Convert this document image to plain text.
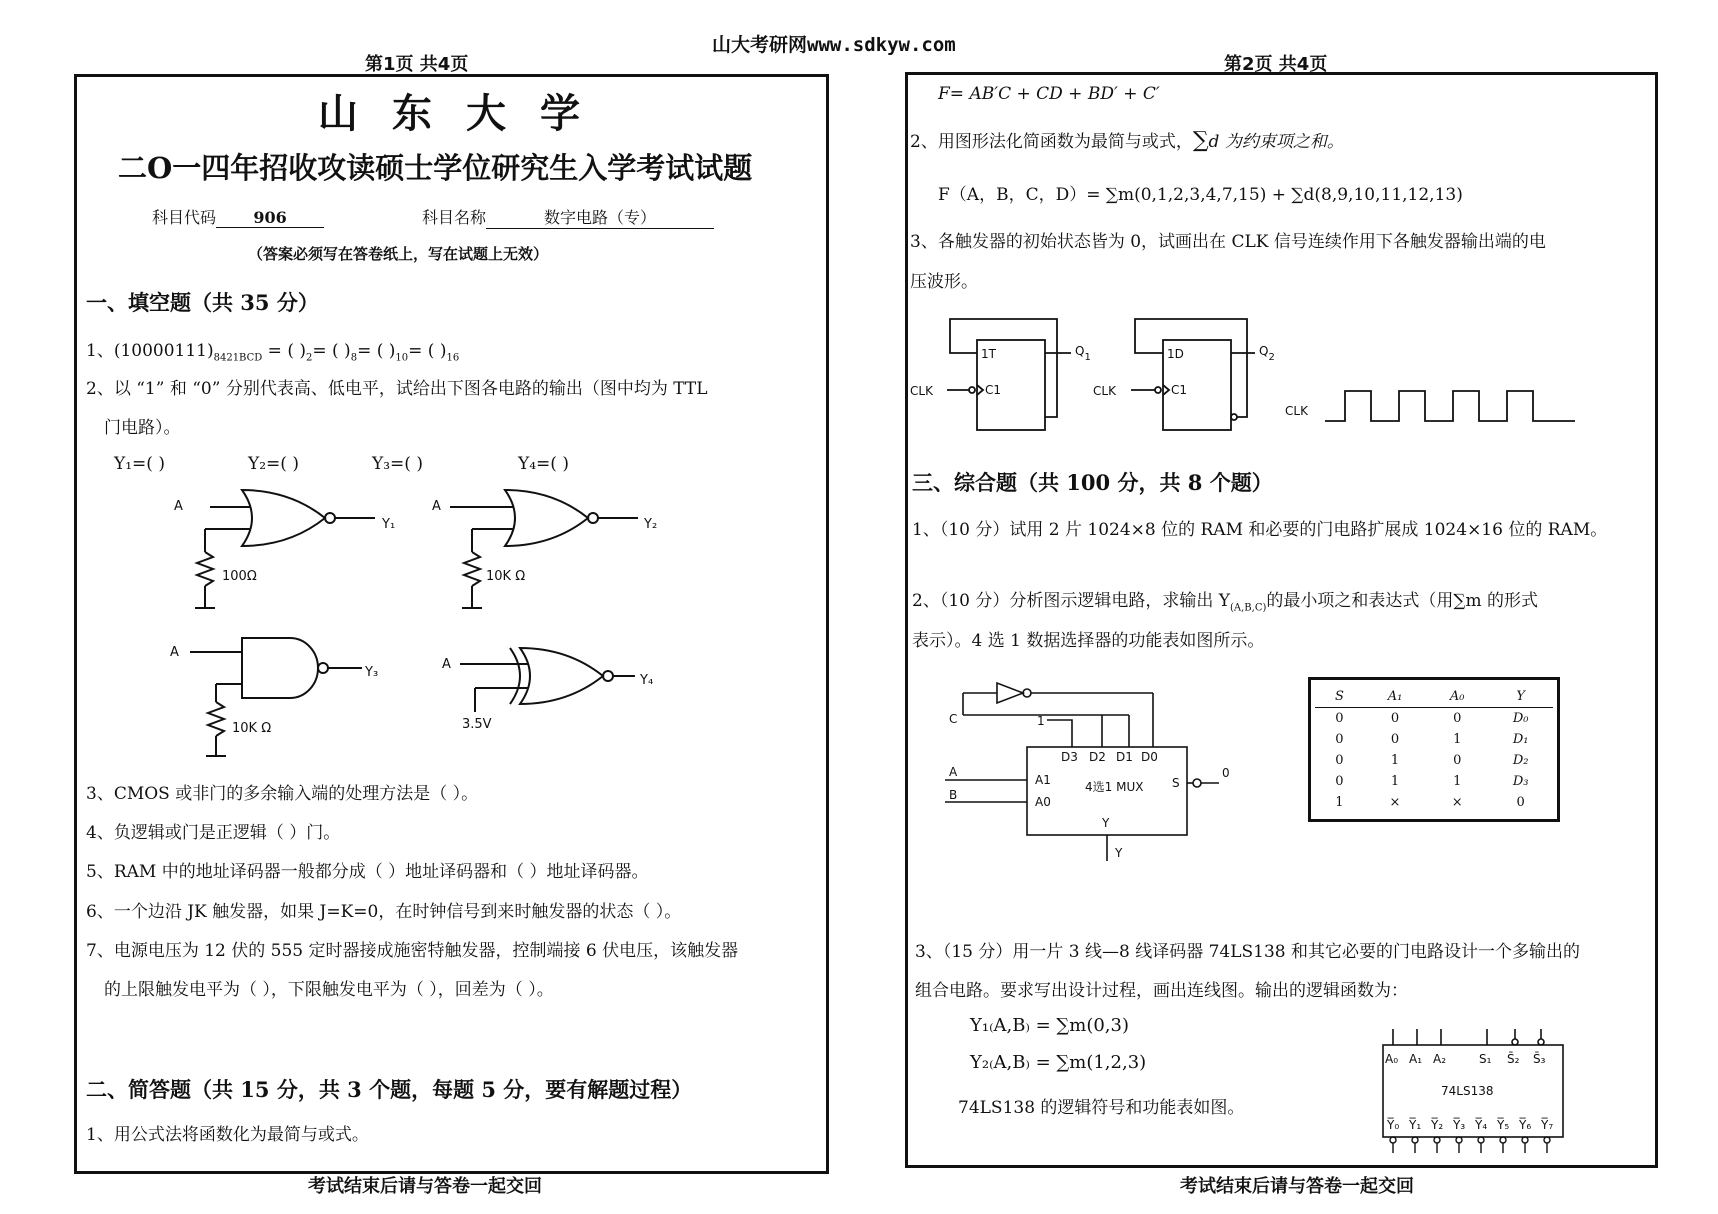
山大考研网www.sdkyw.com
第1页 共4页
山东大学
二O一四年招收攻读硕士学位研究生入学考试试题
科目代码 906	科目名称	数字电路（专）
（答案必须写在答卷纸上，写在试题上无效）
一、填空题（共 35 分）
1、$(10000111)_{8421BCD}$ = ( )$_2=$ ( )$_8=$ ( )$_{10}=$ ( )$_{16}$
2、以 “1” 和 “0” 分别代表高、低电平，试给出下图各电路的输出（图中均为 TTL
门电路）。
Y₁=( )	Y₂=( )	Y₃=( )	Y₄=( )
A
Y₁
100Ω
A
Y₂
10K Ω
A
Y₃
10K Ω
A
Y₄
3.5V
3、CMOS 或非门的多余输入端的处理方法是（ ）。
4、负逻辑或门是正逻辑（ ）门。
5、RAM 中的地址译码器一般都分成（ ）地址译码器和（ ）地址译码器。
6、一个边沿 JK 触发器，如果 J=K=0，在时钟信号到来时触发器的状态（ ）。
7、电源电压为 12 伏的 555 定时器接成施密特触发器，控制端接 6 伏电压，该触发器
的上限触发电平为（ ），下限触发电平为（ ），回差为（ ）。
二、简答题（共 15 分，共 3 个题，每题 5 分，要有解题过程）
1、用公式法将函数化为最简与或式。
考试结束后请与答卷一起交回
第2页 共4页
F= AB′C + CD + BD′ + C′
2、用图形法化简函数为最简与或式，∑d 为约束项之和。
F（A，B，C，D）= ∑m(0,1,2,3,4,7,15) + ∑d(8,9,10,11,12,13)
3、各触发器的初始状态皆为 0，试画出在 CLK 信号连续作用下各触发器输出端的电
压波形。
CLK
1T
C1
$Q_1$
CLK
1D
C1
$Q_2$
CLK
三、综合题（共 100 分，共 8 个题）
1、（10 分）试用 2 片 1024×8 位的 RAM 和必要的门电路扩展成 1024×16 位的 RAM。
2、（10 分）分析图示逻辑电路，求输出 $Y_{(A,B,C)}$的最小项之和表达式（用∑m 的形式
表示）。4 选 1 数据选择器的功能表如图所示。
C	1
D3 D2 D1 D0
A
B
A1
A0
4选1 MUX S
0
Y
Y
S	A₁	A₀	Y
0	0	0	D₀
0	0	1	D₁
0	1	0	D₂
0	1	1	D₃
1	×	×	0
3、（15 分）用一片 3 线—8 线译码器 74LS138 和其它必要的门电路设计一个多输出的
组合电路。要求写出设计过程，画出连线图。输出的逻辑函数为：
Y₁₍A,B₎ = ∑m(0,3)
Y₂₍A,B₎ = ∑m(1,2,3)
74LS138 的逻辑符号和功能表如图。
A₀ A₁ A₂	S₁ S̄₂ S̄₃
74LS138
Y̅₀ Y̅₁ Y̅₂ Y̅₃ Y̅₄ Y̅₅ Y̅₆ Y̅₇
考试结束后请与答卷一起交回
